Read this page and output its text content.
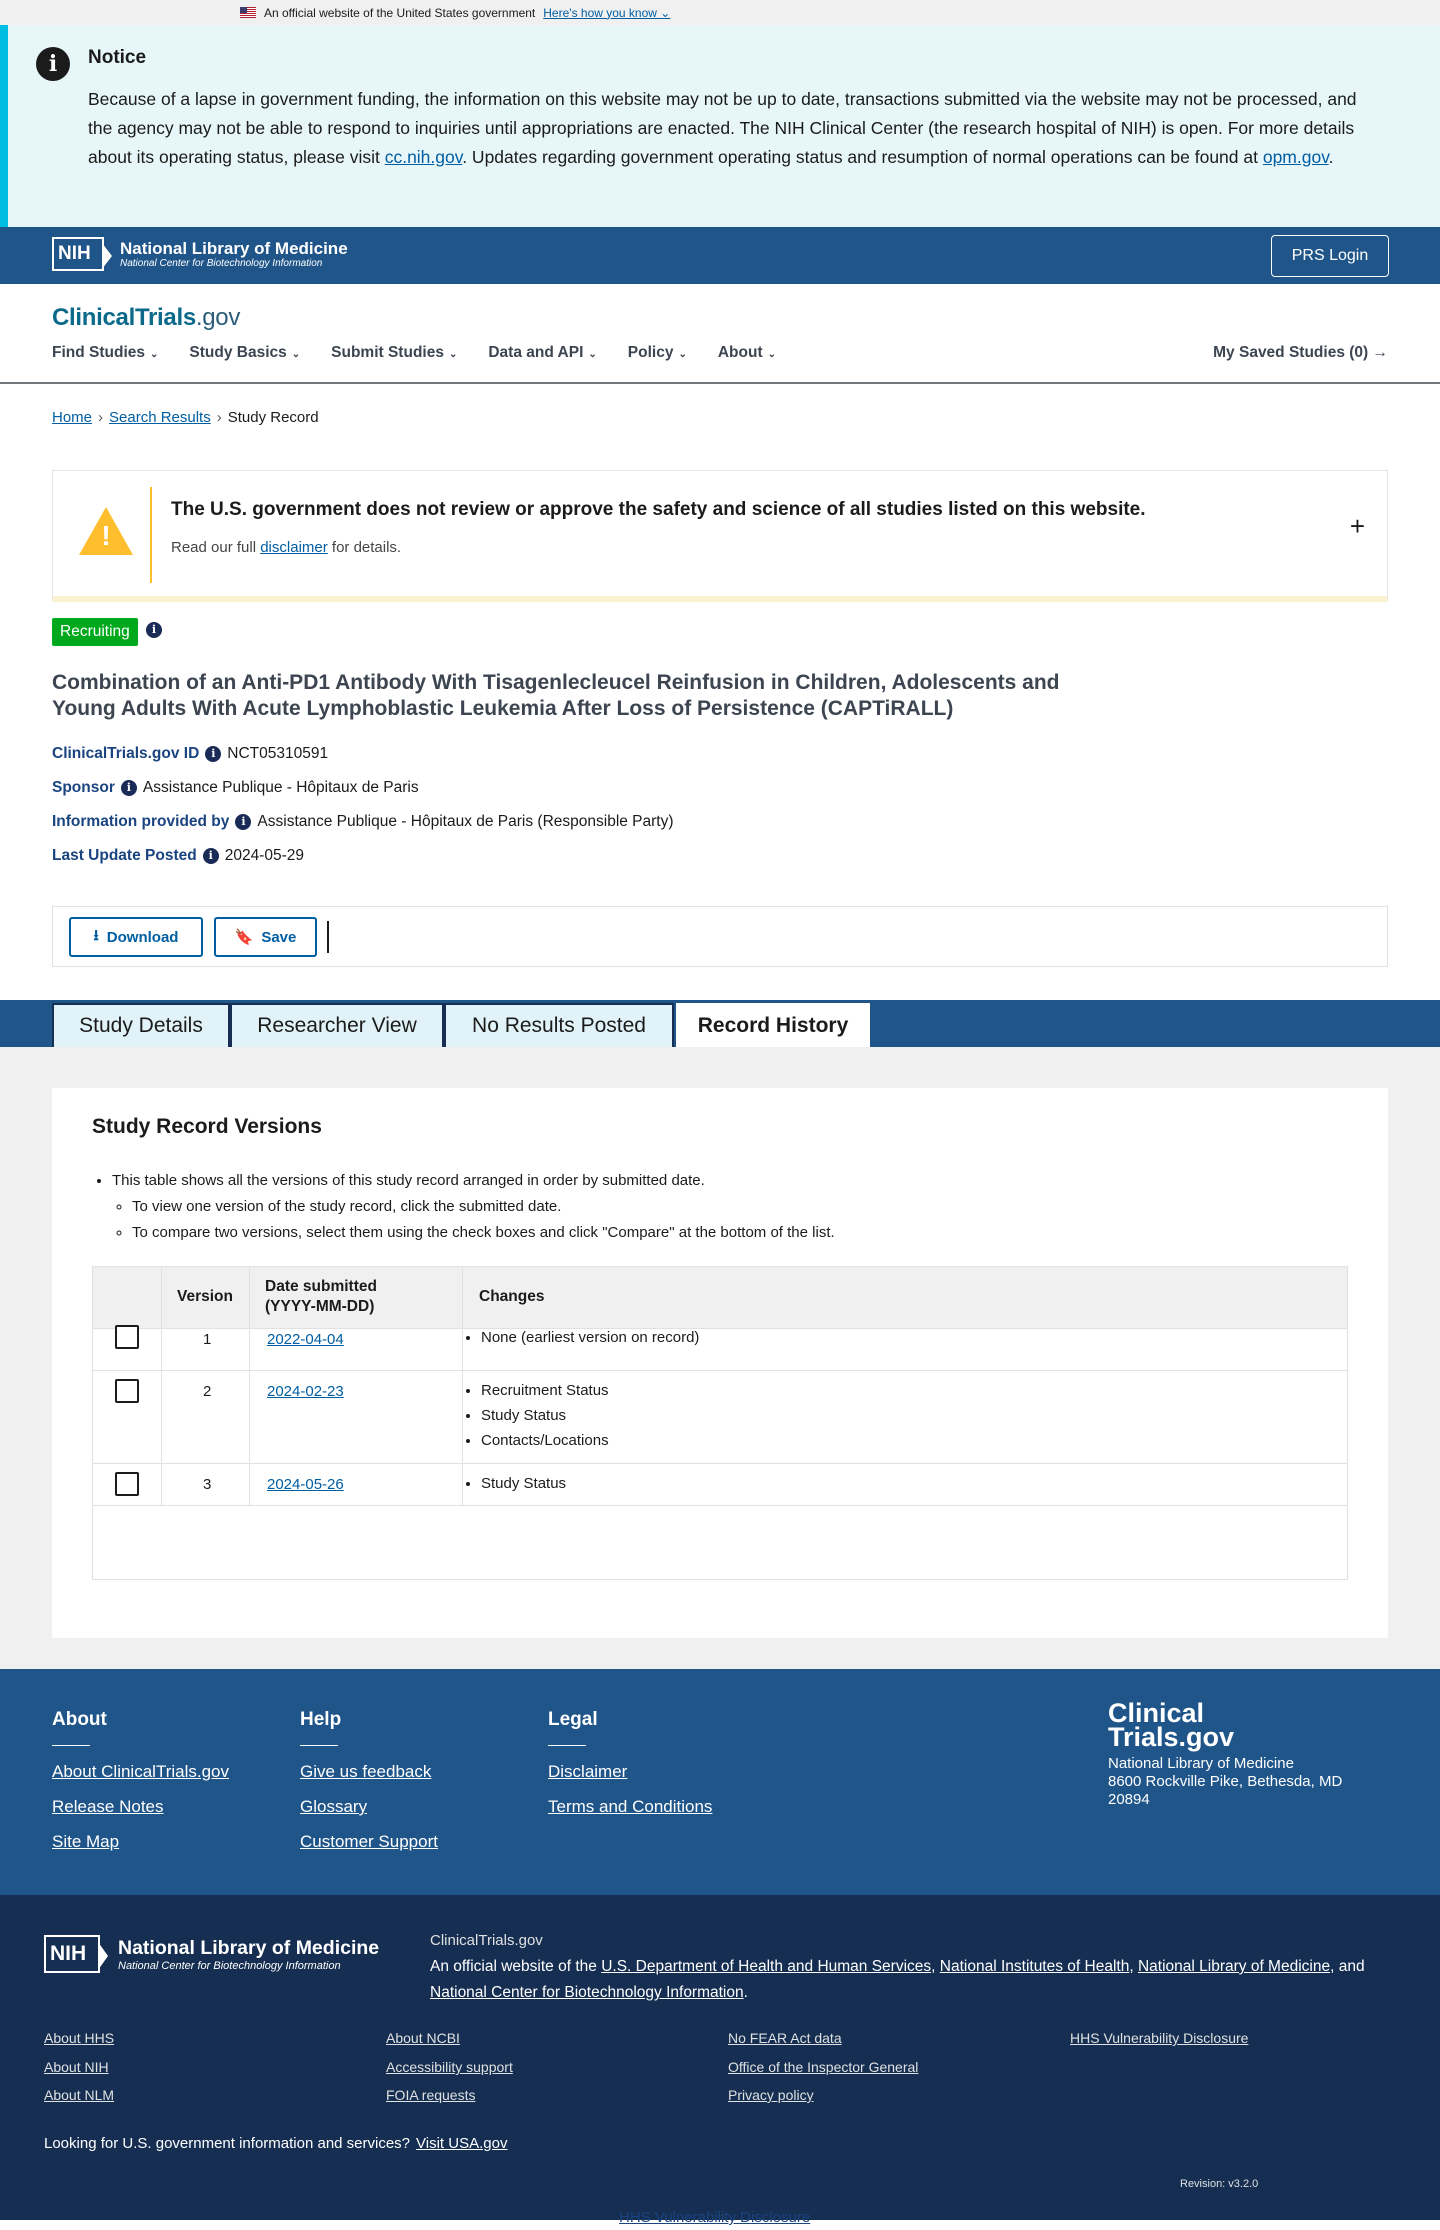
An official website of the United States government Here's how you know ⌄
i	Notice

Because of a lapse in government funding, the information on this website may not be up to date, transactions submitted via the website may not be processed, and the agency may not be able to respond to inquiries until appropriations are enacted. The NIH Clinical Center (the research hospital of NIH) is open. For more details about its operating status, please visit cc.nih.gov. Updates regarding government operating status and resumption of normal operations can be found at opm.gov.

NIH	National Library of Medicine
National Center for Biotechnology Information	PRS Login
ClinicalTrials.gov
Find Studies ⌄ Study Basics ⌄ Submit Studies ⌄ Data and API ⌄ Policy ⌄ About ⌄	My Saved Studies (0) →
Home › Search Results › Study Record
!
The U.S. government does not review or approve the safety and science of all studies listed on this website.
Read our full disclaimer for details.
+
Recruiting	i
Combination of an Anti-PD1 Antibody With Tisagenlecleucel Reinfusion in Children, Adolescents and Young Adults With Acute Lymphoblastic Leukemia After Loss of Persistence (CAPTiRALL)
ClinicalTrials.gov ID	i NCT05310591
Sponsor	i Assistance Publique - Hôpitaux de Paris
Information provided by	i Assistance Publique - Hôpitaux de Paris (Responsible Party)
Last Update Posted	i 2024-05-29
⭳ Download	🔖 Save
Study Details	Researcher View	No Results Posted	Record History
Study Record Versions
• This table shows all the versions of this study record arranged in order by submitted date.
◦ To view one version of the study record, click the submitted date.
◦ To compare two versions, select them using the check boxes and click "Compare" at the bottom of the list.
Version
Date submitted
(YYYY-MM-DD)
Changes
1	2022-04-04	• None (earliest version on record)
2	2024-02-23	• Recruitment Status
• Study Status
• Contacts/Locations
3	2024-05-26	• Study Status
About
About ClinicalTrials.gov
Release Notes
Site Map
Help
Give us feedback
Glossary
Customer Support
Legal
Disclaimer
Terms and Conditions
Clinical
Trials.gov
National Library of Medicine
8600 Rockville Pike, Bethesda, MD
20894
NIH	National Library of Medicine
National Center for Biotechnology Information
ClinicalTrials.gov
An official website of the U.S. Department of Health and Human Services, National Institutes of Health, National Library of Medicine, and National Center for Biotechnology Information.
About HHS
About NIH
About NLM
About NCBI
Accessibility support
FOIA requests
No FEAR Act data
Office of the Inspector General
Privacy policy
HHS Vulnerability Disclosure
Looking for U.S. government information and services? Visit USA.gov
Revision: v3.2.0
HHS Vulnerability Disclosure
